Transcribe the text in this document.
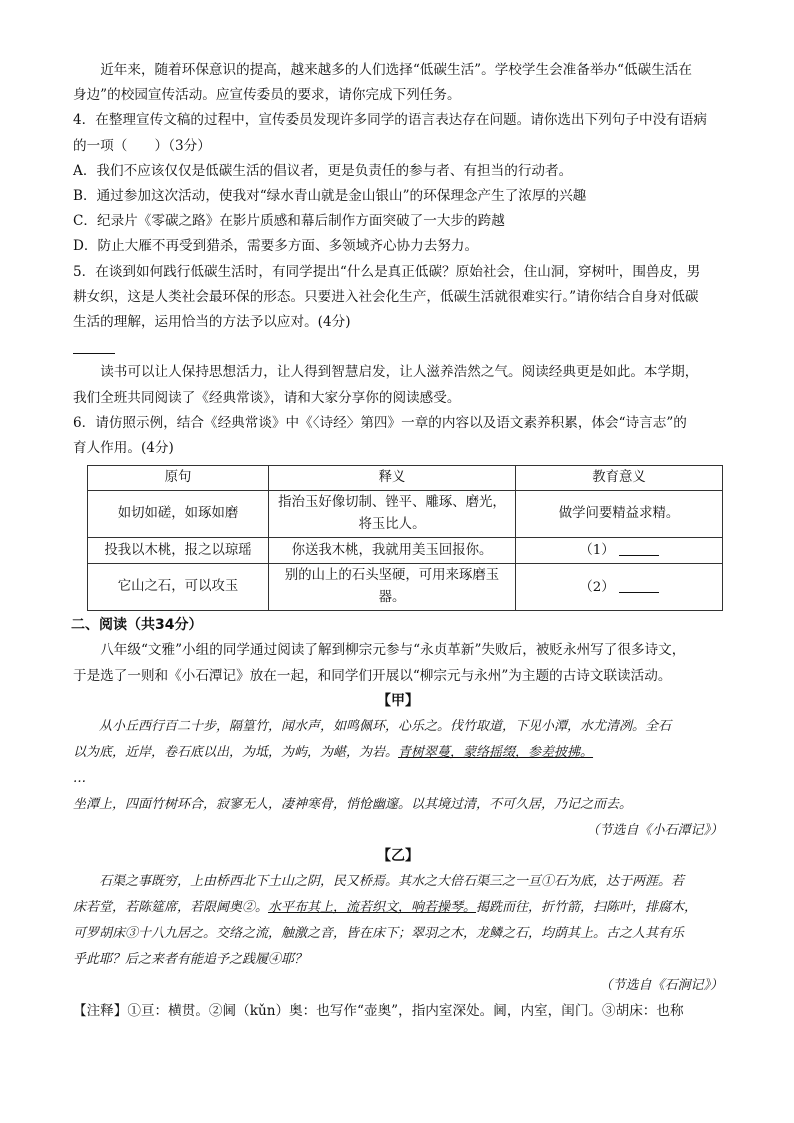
近年来，随着环保意识的提高，越来越多的人们选择“低碳生活”。学校学生会准备举办“低碳生活在

身边”的校园宣传活动。应宣传委员的要求，请你完成下列任务。

4．在整理宣传文稿的过程中，宣传委员发现许多同学的语言表达存在问题。请你选出下列句子中没有语病

的一项（　　）（3分）

A．我们不应该仅仅是低碳生活的倡议者，更是负责任的参与者、有担当的行动者。

B．通过参加这次活动，使我对“绿水青山就是金山银山”的环保理念产生了浓厚的兴趣

C．纪录片《零碳之路》在影片质感和幕后制作方面突破了一大步的跨越

D．防止大雁不再受到猎杀，需要多方面、多领域齐心协力去努力。

5．在谈到如何践行低碳生活时，有同学提出“什么是真正低碳？原始社会，住山洞，穿树叶，围兽皮，男

耕女织，这是人类社会最环保的形态。只要进入社会化生产，低碳生活就很难实行。”请你结合自身对低碳

生活的理解，运用恰当的方法予以应对。(4分)

读书可以让人保持思想活力，让人得到智慧启发，让人滋养浩然之气。阅读经典更是如此。本学期，

我们全班共同阅读了《经典常谈》，请和大家分享你的阅读感受。

6．请仿照示例，结合《经典常谈》中《〈诗经〉第四》一章的内容以及语文素养积累，体会“诗言志”的

育人作用。(4分)

原句	释义	教育意义
如切如磋，如琢如磨	指治玉好像切制、锉平、雕琢、磨光，将玉比人。	做学问要精益求精。
投我以木桃，报之以琼瑶	你送我木桃，我就用美玉回报你。	（1）
它山之石，可以攻玉	别的山上的石头坚硬，可用来琢磨玉器。	（2）

二、阅读（共34分）

八年级“文雅”小组的同学通过阅读了解到柳宗元参与“永贞革新”失败后，被贬永州写了很多诗文，

于是选了一则和《小石潭记》放在一起，和同学们开展以“柳宗元与永州”为主题的古诗文联读活动。

【甲】

从小丘西行百二十步，隔篁竹，闻水声，如鸣佩环，心乐之。伐竹取道，下见小潭，水尤清冽。全石

以为底，近岸，卷石底以出，为坻，为屿，为嵁，为岩。青树翠蔓，蒙络摇缀，参差披拂。

…

坐潭上，四面竹树环合，寂寥无人，凄神寒骨，悄怆幽邃。以其境过清，不可久居，乃记之而去。

（节选自《小石潭记》）

【乙】

石渠之事既穷，上由桥西北下土山之阴，民又桥焉。其水之大倍石渠三之一亘①石为底，达于两涯。若

床若堂，若陈筵席，若限阃奥②。水平布其上，流若织文，响若操琴。揭跣而往，折竹箭，扫陈叶，排腐木，

可罗胡床③十八九居之。交络之流，触激之音，皆在床下；翠羽之木，龙鳞之石，均荫其上。古之人其有乐

乎此耶？后之来者有能追予之践履④耶？

（节选自《石涧记》）

【注释】①亘：横贯。②阃（kǔn）奥：也写作“壶奥”，指内室深处。阃，内室，闺门。③胡床：也称
